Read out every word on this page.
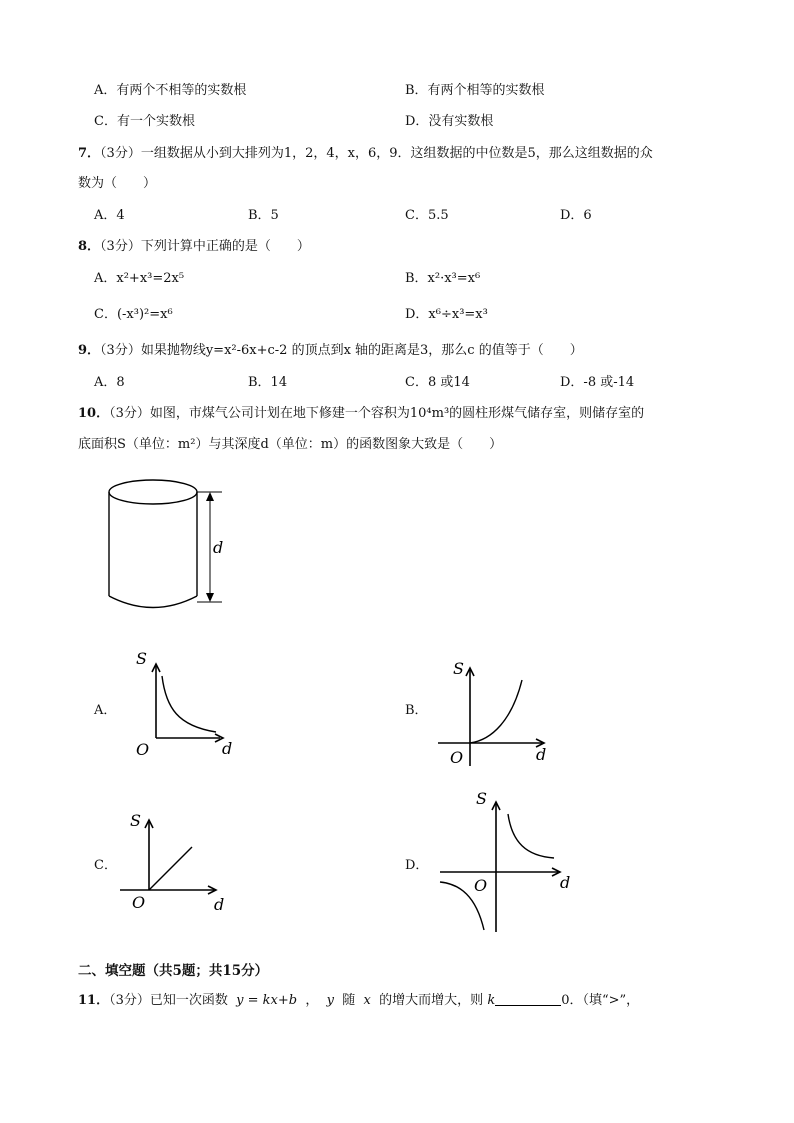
A．有两个不相等的实数根	B．有两个相等的实数根
C．有一个实数根	D．没有实数根
7．（3分）一组数据从小到大排列为1，2，4，x，6，9．这组数据的中位数是5，那么这组数据的众
数为（　　）
A．4	B．5	C．5.5	D．6
8．（3分）下列计算中正确的是（　　）
A．x²+x³=2x⁵	B．x²·x³=x⁶
C．(-x³)²=x⁶	D．x⁶÷x³=x³
9．（3分）如果抛物线y=x²-6x+c-2 的顶点到x 轴的距离是3，那么c 的值等于（　　）
A．8	B．14	C．8 或14	D．-8 或-14
10．（3分）如图，市煤气公司计划在地下修建一个容积为10⁴m³的圆柱形煤气储存室，则储存室的
底面积S（单位：m²）与其深度d（单位：m）的函数图象大致是（　　）
d
A．
S
d
O
B．
S
d
O
C．
S
d
O
D．
S
d
O
二、填空题（共5题；共15分）
11．（3分）已知一次函数 y = kx+b ， y 随 x 的增大而增大，则 k	0．（填“>”，
